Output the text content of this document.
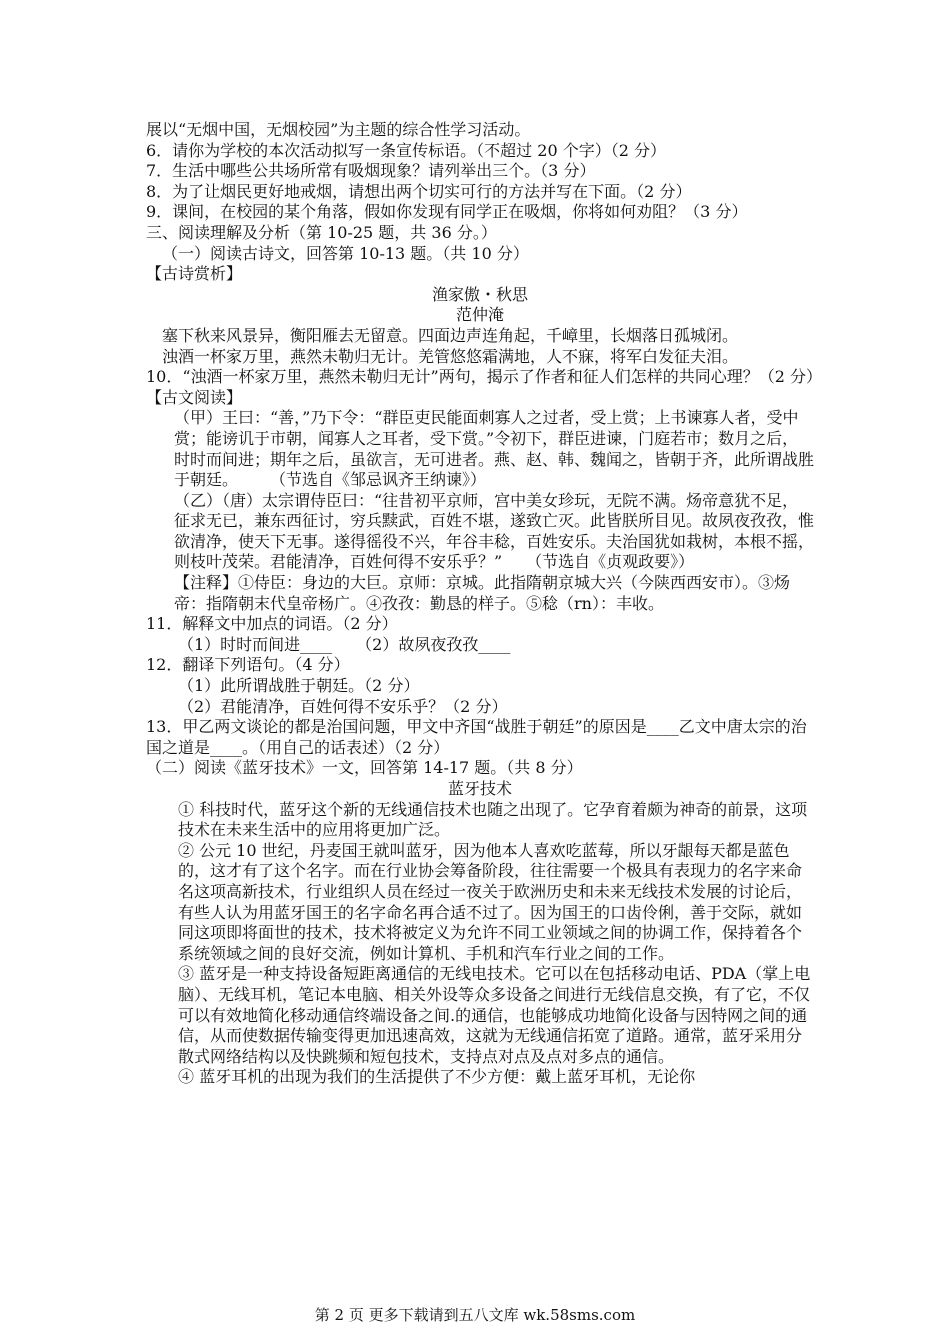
展以“无烟中国，无烟校园”为主题的综合性学习活动。

6．请你为学校的本次活动拟写一条宣传标语。（不超过 20 个字）（2 分）

7．生活中哪些公共场所常有吸烟现象？请列举出三个。（3 分）

8．为了让烟民更好地戒烟，请想出两个切实可行的方法并写在下面。（2 分）

9．课间，在校园的某个角落，假如你发现有同学正在吸烟，你将如何劝阻？（3 分）

三、阅读理解及分析（第 10-25 题，共 36 分。）

（一）阅读古诗文，回答第 10-13 题。（共 10 分）

【古诗赏析】

渔家傲・秋思

范仲淹

塞下秋来风景异，衡阳雁去无留意。四面边声连角起，千嶂里，长烟落日孤城闭。

浊酒一杯家万里，燕然未勒归无计。羌管悠悠霜满地，人不寐，将军白发征夫泪。

10．“浊酒一杯家万里，燕然未勒归无计”两句，揭示了作者和征人们怎样的共同心理？（2 分）

【古文阅读】

（甲）王曰：“善，”乃下令：“群臣吏民能面刺寡人之过者，受上赏；上书谏寡人者，受中赏；能谤讥于市朝，闻寡人之耳者，受下赏。”令初下，群臣进谏，门庭若市；数月之后，时时而间进；期年之后，虽欲言，无可进者。燕、赵、韩、魏闻之，皆朝于齐，此所谓战胜于朝廷。　　　（节选自《邹忌讽齐王纳谏》）

（乙）（唐）太宗谓侍臣曰：“往昔初平京师，宫中美女珍玩，无院不满。炀帝意犹不足，征求无已，兼东西征讨，穷兵黩武，百姓不堪，遂致亡灭。此皆朕所目见。故夙夜孜孜，惟欲清净，使天下无事。遂得徭役不兴，年谷丰稔，百姓安乐。夫治国犹如栽树，本根不摇，则枝叶茂荣。君能清净，百姓何得不安乐乎？”　　（节选自《贞观政要》）

【注释】①侍臣：身边的大巨。京师：京城。此指隋朝京城大兴（今陕西西安市）。③炀帝：指隋朝末代皇帝杨广。④孜孜：勤恳的样子。⑤稔（rn）：丰收。

11．解释文中加点的词语。（2 分）

（1）时时而间进____　　（2）故夙夜孜孜____

12．翻译下列语句。（4 分）

（1）此所谓战胜于朝廷。（2 分）

（2）君能清净，百姓何得不安乐乎？（2 分）

13．甲乙两文谈论的都是治国问题，甲文中齐国“战胜于朝廷”的原因是____乙文中唐太宗的治国之道是____。（用自己的话表述）（2 分）

（二）阅读《蓝牙技术》一文，回答第 14-17 题。（共 8 分）

蓝牙技术

① 科技时代，蓝牙这个新的无线通信技术也随之出现了。它孕育着颇为神奇的前景，这项技术在未来生活中的应用将更加广泛。

② 公元 10 世纪，丹麦国王就叫蓝牙，因为他本人喜欢吃蓝莓，所以牙龈每天都是蓝色的，这才有了这个名字。而在行业协会筹备阶段，往往需要一个极具有表现力的名字来命名这项高新技术，行业组织人员在经过一夜关于欧洲历史和未来无线技术发展的讨论后，有些人认为用蓝牙国王的名字命名再合适不过了。因为国王的口齿伶俐，善于交际，就如同这项即将面世的技术，技术将被定义为允许不同工业领域之间的协调工作，保持着各个系统领域之间的良好交流，例如计算机、手机和汽车行业之间的工作。

③ 蓝牙是一种支持设备短距离通信的无线电技术。它可以在包括移动电话、PDA（掌上电脑）、无线耳机，笔记本电脑、相关外设等众多设备之间进行无线信息交换，有了它，不仅可以有效地简化移动通信终端设备之间.的通信，也能够成功地简化设备与因特网之间的通信，从而使数据传输变得更加迅速高效，这就为无线通信拓宽了道路。通常，蓝牙采用分散式网络结构以及快跳频和短包技术，支持点对点及点对多点的通信。

④ 蓝牙耳机的出现为我们的生活提供了不少方便：戴上蓝牙耳机，无论你

第 2 页 更多下载请到五八文库 wk.58sms.com
